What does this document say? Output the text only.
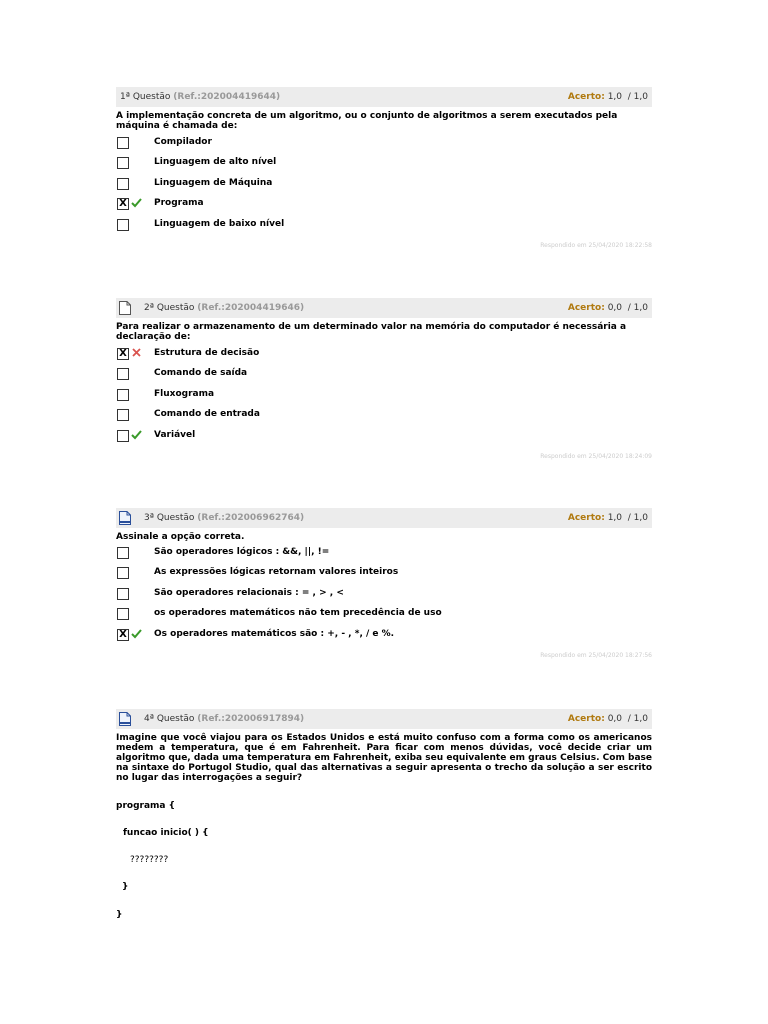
1ª Questão (Ref.:202004419644)	Acerto: 1,0 / 1,0
A implementação concreta de um algoritmo, ou o conjunto de algoritmos a serem executados pela máquina é chamada de:
Compilador
Linguagem de alto nível
Linguagem de Máquina
X	Programa
Linguagem de baixo nível
Respondido em 25/04/2020 18:22:58
2ª Questão (Ref.:202004419646)	Acerto: 0,0 / 1,0
Para realizar o armazenamento de um determinado valor na memória do computador é necessária a declaração de:
X	Estrutura de decisão
Comando de saída
Fluxograma
Comando de entrada
Variável
Respondido em 25/04/2020 18:24:09
3ª Questão (Ref.:202006962764)	Acerto: 1,0 / 1,0
Assinale a opção correta.
São operadores lógicos : &&, ||, !=
As expressões lógicas retornam valores inteiros
São operadores relacionais : = , > , <
os operadores matemáticos não tem precedência de uso
X	Os operadores matemáticos são : +, - , *, / e %.
Respondido em 25/04/2020 18:27:56
4ª Questão (Ref.:202006917894)	Acerto: 0,0 / 1,0
Imagine que você viajou para os Estados Unidos e está muito confuso com a forma como os americanos medem a temperatura, que é em Fahrenheit. Para ficar com menos dúvidas, você decide criar um algoritmo que, dada uma temperatura em Fahrenheit, exiba seu equivalente em graus Celsius. Com base na sintaxe do Portugol Studio, qual das alternativas a seguir apresenta o trecho da solução a ser escrito no lugar das interrogações a seguir?
programa {
funcao inicio( ) {
????????
}
}
